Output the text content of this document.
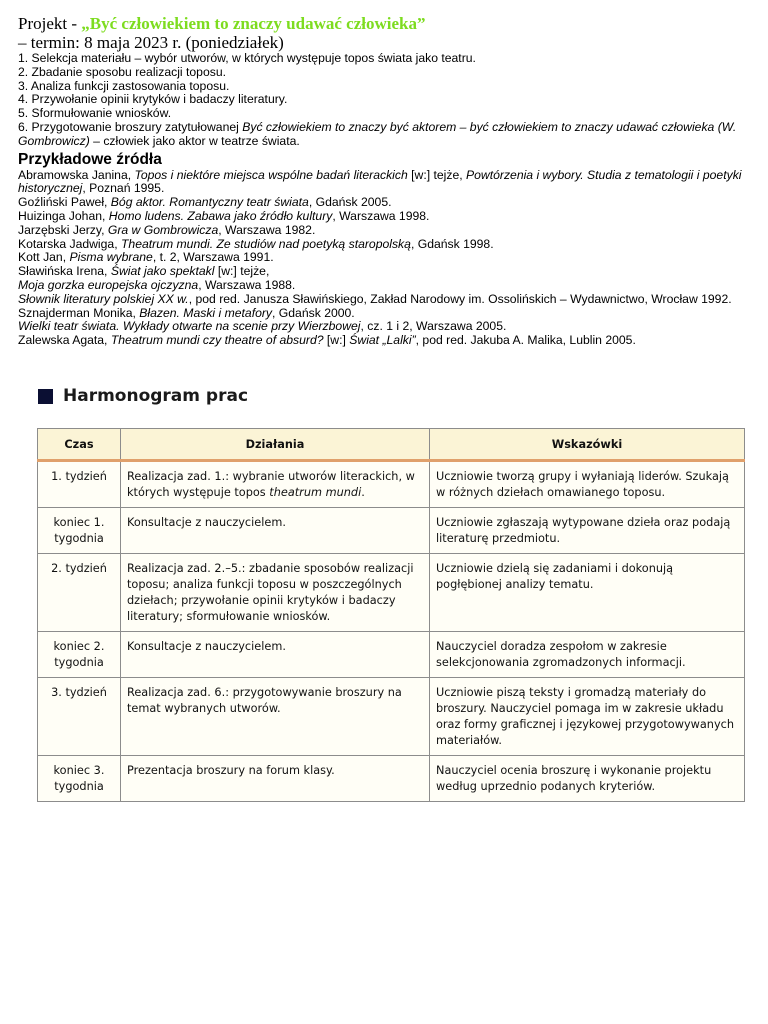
Projekt - „Być człowiekiem to znaczy udawać człowieka”
– termin: 8 maja 2023 r. (poniedziałek)
1. Selekcja materiału – wybór utworów, w których występuje topos świata jako teatru.
2. Zbadanie sposobu realizacji toposu.
3. Analiza funkcji zastosowania toposu.
4. Przywołanie opinii krytyków i badaczy literatury.
5. Sformułowanie wniosków.
6. Przygotowanie broszury zatytułowanej Być człowiekiem to znaczy być aktorem – być człowiekiem to znaczy udawać człowieka (W. Gombrowicz) – człowiek jako aktor w teatrze świata.
Przykładowe źródła
Abramowska Janina, Topos i niektóre miejsca wspólne badań literackich [w:] tejże, Powtórzenia i wybory. Studia z tematologii i poetyki historycznej, Poznań 1995.
Goźliński Paweł, Bóg aktor. Romantyczny teatr świata, Gdańsk 2005.
Huizinga Johan, Homo ludens. Zabawa jako źródło kultury, Warszawa 1998.
Jarzębski Jerzy, Gra w Gombrowicza, Warszawa 1982.
Kotarska Jadwiga, Theatrum mundi. Ze studiów nad poetyką staropolską, Gdańsk 1998.
Kott Jan, Pisma wybrane, t. 2, Warszawa 1991.
Sławińska Irena, Świat jako spektakl [w:] tejże,
Moja gorzka europejska ojczyzna, Warszawa 1988.
Słownik literatury polskiej XX w., pod red. Janusza Sławińskiego, Zakład Narodowy im. Ossolińskich – Wydawnictwo, Wrocław 1992.
Sznajderman Monika, Błazen. Maski i metafory, Gdańsk 2000.
Wielki teatr świata. Wykłady otwarte na scenie przy Wierzbowej, cz. 1 i 2, Warszawa 2005.
Zalewska Agata, Theatrum mundi czy theatre of absurd? [w:] Świat „Lalki”, pod red. Jakuba A. Malika, Lublin 2005.
Harmonogram prac
Czas	Działania	Wskazówki
1. tydzień	Realizacja zad. 1.: wybranie utworów literackich, w których występuje topos theatrum mundi.	Uczniowie tworzą grupy i wyłaniają liderów. Szukają w różnych dziełach omawianego toposu.
koniec 1. tygodnia	Konsultacje z nauczycielem.	Uczniowie zgłaszają wytypowane dzieła oraz podają literaturę przedmiotu.
2. tydzień	Realizacja zad. 2.–5.: zbadanie sposobów realizacji toposu; analiza funkcji toposu w poszczególnych dziełach; przywołanie opinii krytyków i badaczy literatury; sformułowanie wniosków.	Uczniowie dzielą się zadaniami i dokonują pogłębionej analizy tematu.
koniec 2. tygodnia	Konsultacje z nauczycielem.	Nauczyciel doradza zespołom w zakresie selekcjonowania zgromadzonych informacji.
3. tydzień	Realizacja zad. 6.: przygotowywanie broszury na temat wybranych utworów.	Uczniowie piszą teksty i gromadzą materiały do broszury. Nauczyciel pomaga im w zakresie układu oraz formy graficznej i językowej przygotowywanych materiałów.
koniec 3. tygodnia	Prezentacja broszury na forum klasy.	Nauczyciel ocenia broszurę i wykonanie projektu według uprzednio podanych kryteriów.
